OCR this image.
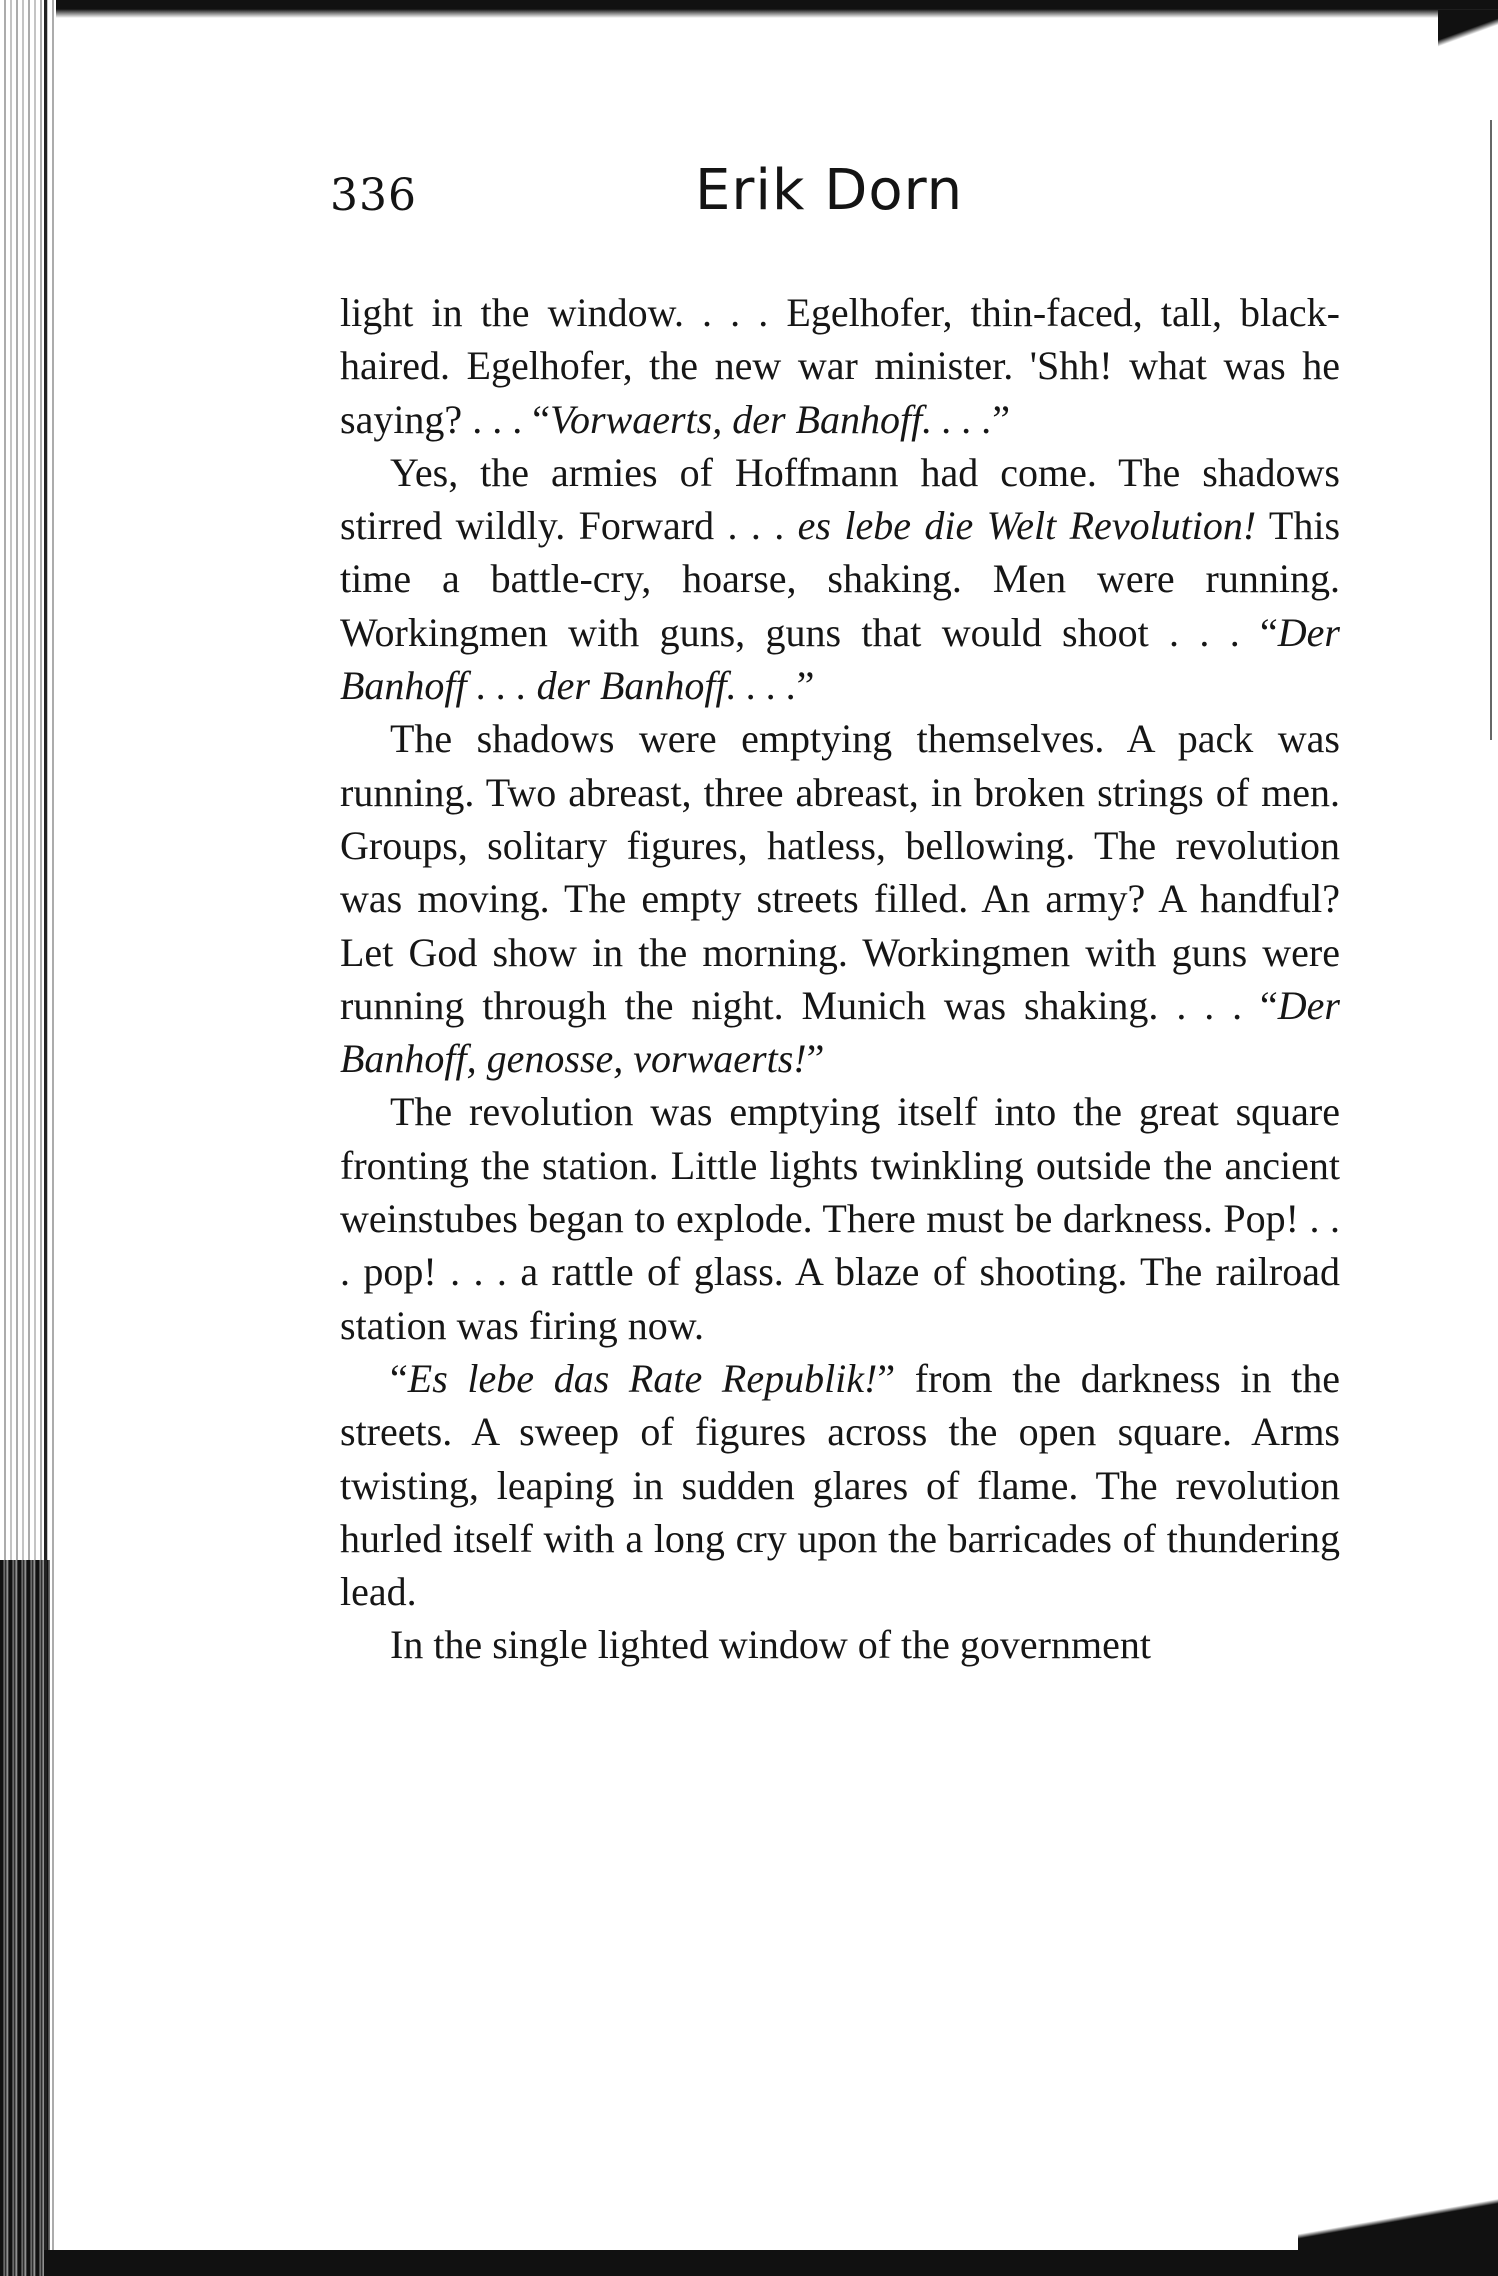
336	Erik Dorn

light in the window. . . . Egelhofer, thin-faced, tall, black-haired. Egelhofer, the new war minister. 'Shh! what was he saying? . . . “Vorwaerts, der Banhoff. . . .”

Yes, the armies of Hoffmann had come. The shadows stirred wildly. Forward . . . es lebe die Welt Revolution! This time a battle-cry, hoarse, shaking. Men were running. Workingmen with guns, guns that would shoot . . . “Der Banhoff . . . der Banhoff. . . .”

The shadows were emptying themselves. A pack was running. Two abreast, three abreast, in broken strings of men. Groups, solitary figures, hatless, bellowing. The revolution was moving. The empty streets filled. An army? A handful? Let God show in the morning. Workingmen with guns were running through the night. Munich was shaking. . . . “Der Banhoff, genosse, vorwaerts!”

The revolution was emptying itself into the great square fronting the station. Little lights twinkling outside the ancient weinstubes began to explode. There must be darkness. Pop! . . . pop! . . . a rattle of glass. A blaze of shooting. The railroad station was firing now.

“Es lebe das Rate Republik!” from the darkness in the streets. A sweep of figures across the open square. Arms twisting, leaping in sudden glares of flame. The revolution hurled itself with a long cry upon the barricades of thundering lead.

In the single lighted window of the government
